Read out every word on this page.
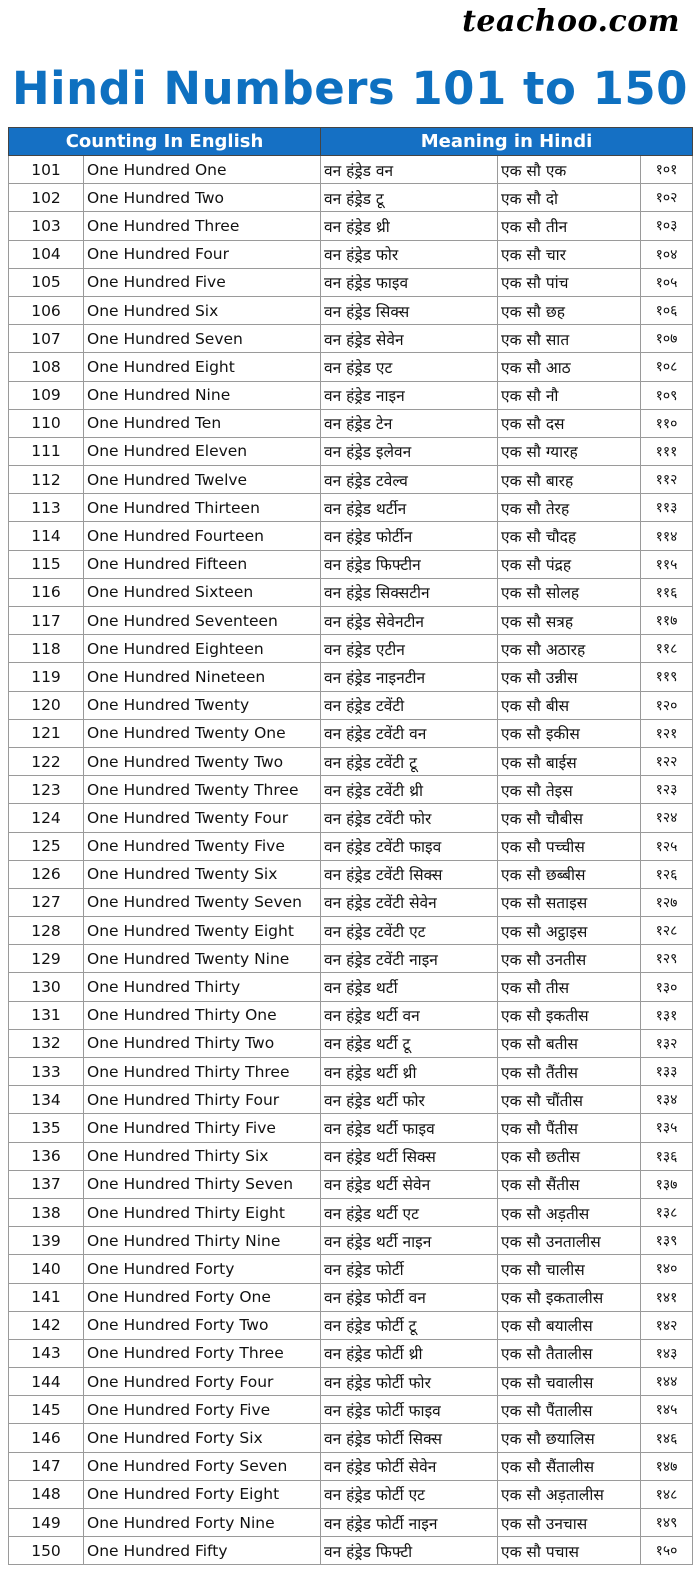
teachoo.com
Hindi Numbers 101 to 150
Counting In English		Meaning in Hindi		
101	One Hundred One	वन हंड्रेड वन	एक सौ एक	१०१
102	One Hundred Two	वन हंड्रेड टू	एक सौ दो	१०२
103	One Hundred Three	वन हंड्रेड थ्री	एक सौ तीन	१०३
104	One Hundred Four	वन हंड्रेड फोर	एक सौ चार	१०४
105	One Hundred Five	वन हंड्रेड फाइव	एक सौ पांच	१०५
106	One Hundred Six	वन हंड्रेड सिक्स	एक सौ छह	१०६
107	One Hundred Seven	वन हंड्रेड सेवेन	एक सौ सात	१०७
108	One Hundred Eight	वन हंड्रेड एट	एक सौ आठ	१०८
109	One Hundred Nine	वन हंड्रेड नाइन	एक सौ नौ	१०९
110	One Hundred Ten	वन हंड्रेड टेन	एक सौ दस	११०
111	One Hundred Eleven	वन हंड्रेड इलेवन	एक सौ ग्यारह	१११
112	One Hundred Twelve	वन हंड्रेड टवेल्व	एक सौ बारह	११२
113	One Hundred Thirteen	वन हंड्रेड थर्टीन	एक सौ तेरह	११३
114	One Hundred Fourteen	वन हंड्रेड फोर्टीन	एक सौ चौदह	११४
115	One Hundred Fifteen	वन हंड्रेड फिफ्टीन	एक सौ पंद्रह	११५
116	One Hundred Sixteen	वन हंड्रेड सिक्सटीन	एक सौ सोलह	११६
117	One Hundred Seventeen	वन हंड्रेड सेवेनटीन	एक सौ सत्रह	११७
118	One Hundred Eighteen	वन हंड्रेड एटीन	एक सौ अठारह	११८
119	One Hundred Nineteen	वन हंड्रेड नाइनटीन	एक सौ उन्नीस	११९
120	One Hundred Twenty	वन हंड्रेड टवेंटी	एक सौ बीस	१२०
121	One Hundred Twenty One	वन हंड्रेड टवेंटी वन	एक सौ इकीस	१२१
122	One Hundred Twenty Two	वन हंड्रेड टवेंटी टू	एक सौ बाईस	१२२
123	One Hundred Twenty Three	वन हंड्रेड टवेंटी थ्री	एक सौ तेइस	१२३
124	One Hundred Twenty Four	वन हंड्रेड टवेंटी फोर	एक सौ चौबीस	१२४
125	One Hundred Twenty Five	वन हंड्रेड टवेंटी फाइव	एक सौ पच्चीस	१२५
126	One Hundred Twenty Six	वन हंड्रेड टवेंटी सिक्स	एक सौ छब्बीस	१२६
127	One Hundred Twenty Seven	वन हंड्रेड टवेंटी सेवेन	एक सौ सताइस	१२७
128	One Hundred Twenty Eight	वन हंड्रेड टवेंटी एट	एक सौ अट्ठाइस	१२८
129	One Hundred Twenty Nine	वन हंड्रेड टवेंटी नाइन	एक सौ उनतीस	१२९
130	One Hundred Thirty	वन हंड्रेड थर्टी	एक सौ तीस	१३०
131	One Hundred Thirty One	वन हंड्रेड थर्टी वन	एक सौ इकतीस	१३१
132	One Hundred Thirty Two	वन हंड्रेड थर्टी टू	एक सौ बतीस	१३२
133	One Hundred Thirty Three	वन हंड्रेड थर्टी थ्री	एक सौ तैंतीस	१३३
134	One Hundred Thirty Four	वन हंड्रेड थर्टी फोर	एक सौ चौंतीस	१३४
135	One Hundred Thirty Five	वन हंड्रेड थर्टी फाइव	एक सौ पैंतीस	१३५
136	One Hundred Thirty Six	वन हंड्रेड थर्टी सिक्स	एक सौ छतीस	१३६
137	One Hundred Thirty Seven	वन हंड्रेड थर्टी सेवेन	एक सौ सैंतीस	१३७
138	One Hundred Thirty Eight	वन हंड्रेड थर्टी एट	एक सौ अड़तीस	१३८
139	One Hundred Thirty Nine	वन हंड्रेड थर्टी नाइन	एक सौ उनतालीस	१३९
140	One Hundred Forty	वन हंड्रेड फोर्टी	एक सौ चालीस	१४०
141	One Hundred Forty One	वन हंड्रेड फोर्टी वन	एक सौ इकतालीस	१४१
142	One Hundred Forty Two	वन हंड्रेड फोर्टी टू	एक सौ बयालीस	१४२
143	One Hundred Forty Three	वन हंड्रेड फोर्टी थ्री	एक सौ तैतालीस	१४३
144	One Hundred Forty Four	वन हंड्रेड फोर्टी फोर	एक सौ चवालीस	१४४
145	One Hundred Forty Five	वन हंड्रेड फोर्टी फाइव	एक सौ पैंतालीस	१४५
146	One Hundred Forty Six	वन हंड्रेड फोर्टी सिक्स	एक सौ छयालिस	१४६
147	One Hundred Forty Seven	वन हंड्रेड फोर्टी सेवेन	एक सौ सैंतालीस	१४७
148	One Hundred Forty Eight	वन हंड्रेड फोर्टी एट	एक सौ अड़तालीस	१४८
149	One Hundred Forty Nine	वन हंड्रेड फोर्टी नाइन	एक सौ उनचास	१४९
150	One Hundred Fifty	वन हंड्रेड फिफ्टी	एक सौ पचास	१५०
